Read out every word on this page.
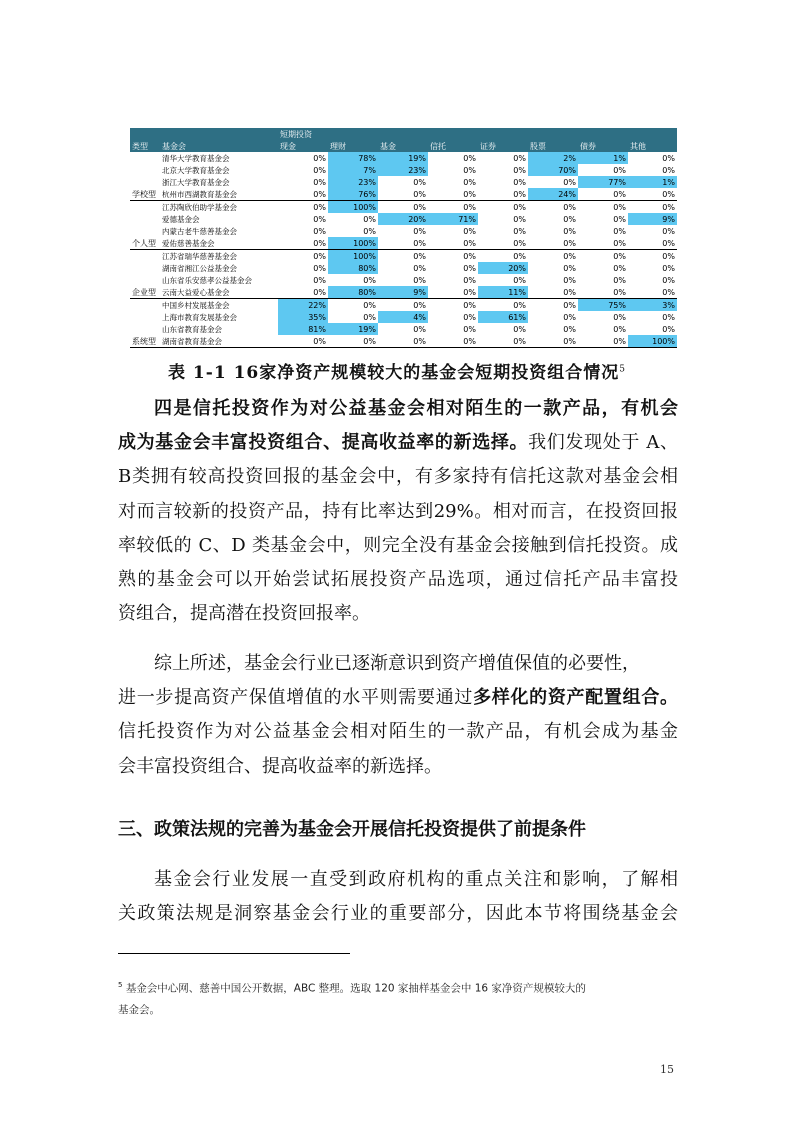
		短期投资							
类型	基金会	现金	理财	基金	信托	证券	股票	债券	其他
	清华大学教育基金会	0%	78%	19%	0%	0%	2%	1%	0%
	北京大学教育基金会	0%	7%	23%	0%	0%	70%	0%	0%
	浙江大学教育基金会	0%	23%	0%	0%	0%	0%	77%	1%
学校型	杭州市西湖教育基金会	0%	76%	0%	0%	0%	24%	0%	0%
	江苏陶欣伯助学基金会	0%	100%	0%	0%	0%	0%	0%	0%
	爱德基金会	0%	0%	20%	71%	0%	0%	0%	9%
	内蒙古老牛慈善基金会	0%	0%	0%	0%	0%	0%	0%	0%
个人型	爱佑慈善基金会	0%	100%	0%	0%	0%	0%	0%	0%
	江苏省瑞华慈善基金会	0%	100%	0%	0%	0%	0%	0%	0%
	湖南省湘江公益基金会	0%	80%	0%	0%	20%	0%	0%	0%
	山东省乐安慈孝公益基金会	0%	0%	0%	0%	0%	0%	0%	0%
企业型	云南大益爱心基金会	0%	80%	9%	0%	11%	0%	0%	0%
	中国乡村发展基金会	22%	0%	0%	0%	0%	0%	75%	3%
	上海市教育发展基金会	35%	0%	4%	0%	61%	0%	0%	0%
	山东省教育基金会	81%	19%	0%	0%	0%	0%	0%	0%
系统型	湖南省教育基金会	0%	0%	0%	0%	0%	0%	0%	100%
表 1-1 16家净资产规模较大的基金会短期投资组合情况$^5$
四是信托投资作为对公益基金会相对陌生的一款产品，有机会
成为基金会丰富投资组合、提高收益率的新选择。我们发现处于 A、
B类拥有较高投资回报的基金会中，有多家持有信托这款对基金会相
对而言较新的投资产品，持有比率达到29%。相对而言，在投资回报
率较低的 C、D 类基金会中，则完全没有基金会接触到信托投资。成
熟的基金会可以开始尝试拓展投资产品选项，通过信托产品丰富投
资组合，提高潜在投资回报率。
综上所述，基金会行业已逐渐意识到资产增值保值的必要性，
进一步提高资产保值增值的水平则需要通过多样化的资产配置组合。
信托投资作为对公益基金会相对陌生的一款产品，有机会成为基金
会丰富投资组合、提高收益率的新选择。
三、政策法规的完善为基金会开展信托投资提供了前提条件
基金会行业发展一直受到政府机构的重点关注和影响，了解相
关政策法规是洞察基金会行业的重要部分，因此本节将围绕基金会
$^5$ 基金会中心网、慈善中国公开数据，ABC 整理。选取 120 家抽样基金会中 16 家净资产规模较大的
基金会。
15
